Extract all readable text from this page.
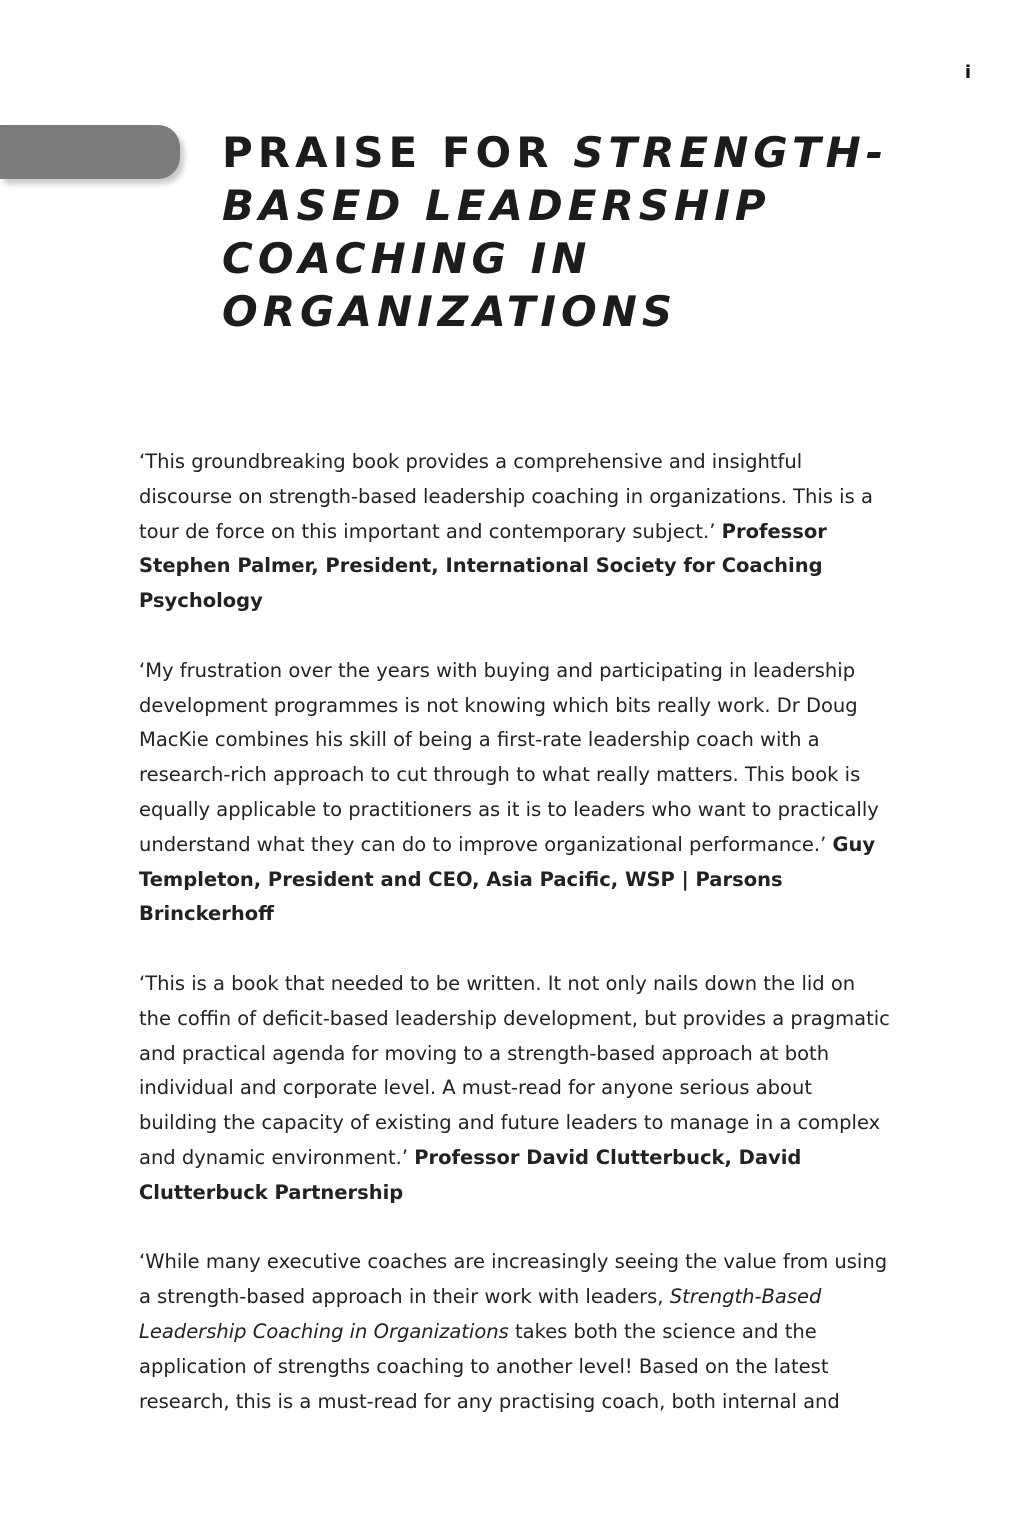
i
PRAISE FOR STRENGTH-BASED LEADERSHIP COACHING IN ORGANIZATIONS

‘This groundbreaking book provides a comprehensive and insightful discourse on strength-based leadership coaching in organizations. This is a tour de force on this important and contemporary subject.’ Professor Stephen Palmer, President, International Society for Coaching Psychology

‘My frustration over the years with buying and participating in leadership development programmes is not knowing which bits really work. Dr Doug MacKie combines his skill of being a first-rate leadership coach with a research-rich approach to cut through to what really matters. This book is equally applicable to practitioners as it is to leaders who want to practically understand what they can do to improve organizational performance.’ Guy Templeton, President and CEO, Asia Pacific, WSP | Parsons Brinckerhoff

‘This is a book that needed to be written. It not only nails down the lid on the coffin of deficit-based leadership development, but provides a pragmatic and practical agenda for moving to a strength-based approach at both individual and corporate level. A must-read for anyone serious about building the capacity of existing and future leaders to manage in a complex and dynamic environment.’ Professor David Clutterbuck, David Clutterbuck Partnership

‘While many executive coaches are increasingly seeing the value from using a strength-based approach in their work with leaders, Strength-Based Leadership Coaching in Organizations takes both the science and the application of strengths coaching to another level! Based on the latest research, this is a must-read for any practising coach, both internal and
